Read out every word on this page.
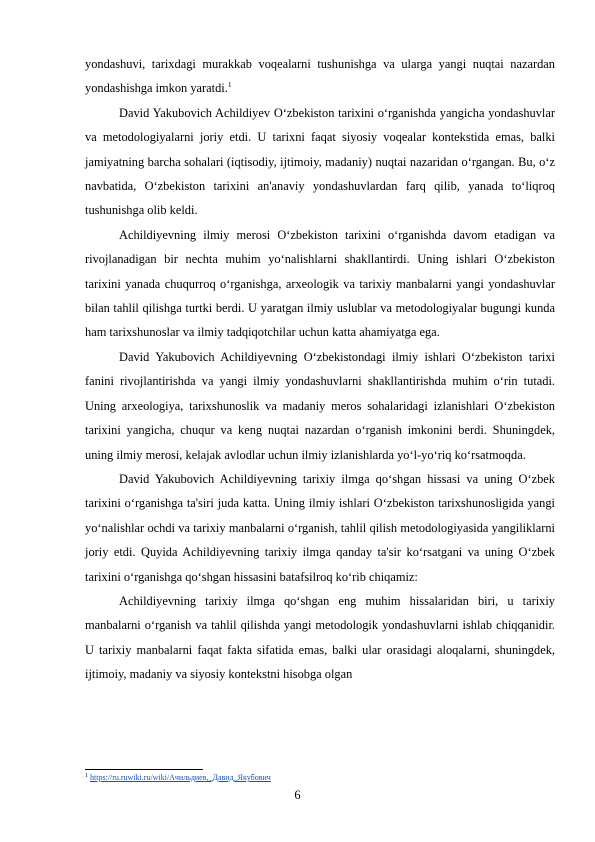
yondashuvi, tarixdagi murakkab voqealarni tushunishga va ularga yangi nuqtai nazardan yondashishga imkon yaratdi.$^1$

David Yakubovich Achildiyev O‘zbekiston tarixini o‘rganishda yangicha yondashuvlar va metodologiyalarni joriy etdi. U tarixni faqat siyosiy voqealar kontekstida emas, balki jamiyatning barcha sohalari (iqtisodiy, ijtimoiy, madaniy) nuqtai nazaridan o‘rgangan. Bu, o‘z navbatida, O‘zbekiston tarixini an'anaviy yondashuvlardan farq qilib, yanada to‘liqroq tushunishga olib keldi.

Achildiyevning ilmiy merosi O‘zbekiston tarixini o‘rganishda davom etadigan va rivojlanadigan bir nechta muhim yo‘nalishlarni shakllantirdi. Uning ishlari O‘zbekiston tarixini yanada chuqurroq o‘rganishga, arxeologik va tarixiy manbalarni yangi yondashuvlar bilan tahlil qilishga turtki berdi. U yaratgan ilmiy uslublar va metodologiyalar bugungi kunda ham tarixshunoslar va ilmiy tadqiqotchilar uchun katta ahamiyatga ega.

David Yakubovich Achildiyevning O‘zbekistondagi ilmiy ishlari O‘zbekiston tarixi fanini rivojlantirishda va yangi ilmiy yondashuvlarni shakllantirishda muhim o‘rin tutadi. Uning arxeologiya, tarixshunoslik va madaniy meros sohalaridagi izlanishlari O‘zbekiston tarixini yangicha, chuqur va keng nuqtai nazardan o‘rganish imkonini berdi. Shuningdek, uning ilmiy merosi, kelajak avlodlar uchun ilmiy izlanishlarda yo‘l-yo‘riq ko‘rsatmoqda.

David Yakubovich Achildiyevning tarixiy ilmga qo‘shgan hissasi va uning O‘zbek tarixini o‘rganishga ta'siri juda katta. Uning ilmiy ishlari O‘zbekiston tarixshunosligida yangi yo‘nalishlar ochdi va tarixiy manbalarni o‘rganish, tahlil qilish metodologiyasida yangiliklarni joriy etdi. Quyida Achildiyevning tarixiy ilmga qanday ta'sir ko‘rsatgani va uning O‘zbek tarixini o‘rganishga qo‘shgan hissasini batafsilroq ko‘rib chiqamiz:

Achildiyevning tarixiy ilmga qo‘shgan eng muhim hissalaridan biri, u tarixiy manbalarni o‘rganish va tahlil qilishda yangi metodologik yondashuvlarni ishlab chiqqanidir. U tarixiy manbalarni faqat fakta sifatida emas, balki ular orasidagi aloqalarni, shuningdek, ijtimoiy, madaniy va siyosiy kontekstni hisobga olgan

$^1$ https://ru.ruwiki.ru/wiki/Ачильдиев,_Давид_Якубович
6
